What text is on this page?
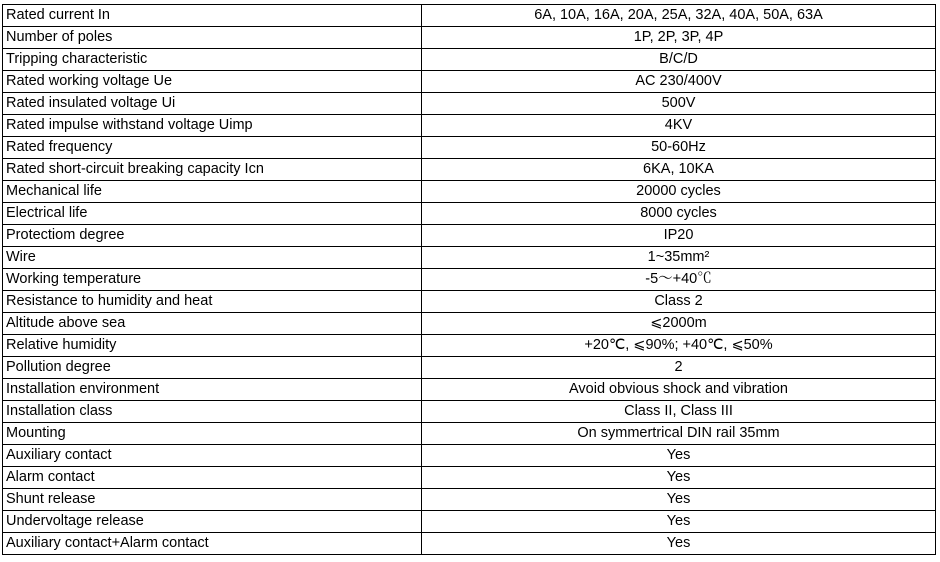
Rated current In	6A, 10A, 16A, 20A, 25A, 32A, 40A, 50A, 63A
Number of poles	1P, 2P, 3P, 4P
Tripping characteristic	B/C/D
Rated working voltage Ue	AC 230/400V
Rated insulated voltage Ui	500V
Rated impulse withstand voltage Uimp	4KV
Rated frequency	50-60Hz
Rated short-circuit breaking capacity Icn	6KA, 10KA
Mechanical life	20000 cycles
Electrical life	8000 cycles
Protectiom degree	IP20
Wire	1~35mm²
Working temperature	-5～+40℃
Resistance to humidity and heat	Class 2
Altitude above sea	⩽2000m
Relative humidity	+20℃, ⩽90%; +40℃, ⩽50%
Pollution degree	2
Installation environment	Avoid obvious shock and vibration
Installation class	Class II, Class III
Mounting	On symmertrical DIN rail 35mm
Auxiliary contact	Yes
Alarm contact	Yes
Shunt release	Yes
Undervoltage release	Yes
Auxiliary contact+Alarm contact	Yes
